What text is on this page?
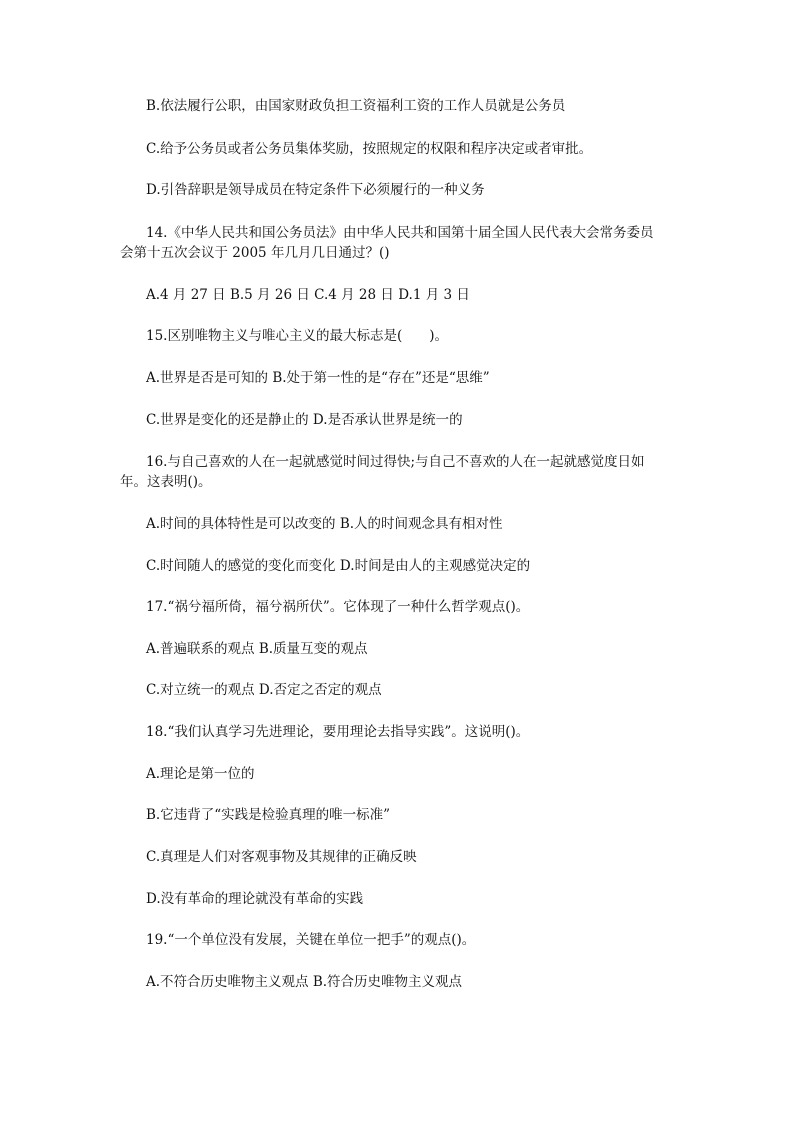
B.依法履行公职，由国家财政负担工资福利工资的工作人员就是公务员
C.给予公务员或者公务员集体奖励，按照规定的权限和程序决定或者审批。
D.引咎辞职是领导成员在特定条件下必须履行的一种义务
14.《中华人民共和国公务员法》由中华人民共和国第十届全国人民代表大会常务委员
会第十五次会议于 2005 年几月几日通过？()
A.4 月 27 日 B.5 月 26 日 C.4 月 28 日 D.1 月 3 日
15.区别唯物主义与唯心主义的最大标志是(　　)。
A.世界是否是可知的 B.处于第一性的是“存在”还是“思维”
C.世界是变化的还是静止的 D.是否承认世界是统一的
16.与自己喜欢的人在一起就感觉时间过得快;与自己不喜欢的人在一起就感觉度日如
年。这表明()。
A.时间的具体特性是可以改变的 B.人的时间观念具有相对性
C.时间随人的感觉的变化而变化 D.时间是由人的主观感觉决定的
17.“祸兮福所倚，福兮祸所伏”。它体现了一种什么哲学观点()。
A.普遍联系的观点 B.质量互变的观点
C.对立统一的观点 D.否定之否定的观点
18.“我们认真学习先进理论，要用理论去指导实践”。这说明()。
A.理论是第一位的
B.它违背了“实践是检验真理的唯一标准”
C.真理是人们对客观事物及其规律的正确反映
D.没有革命的理论就没有革命的实践
19.“一个单位没有发展，关键在单位一把手”的观点()。
A.不符合历史唯物主义观点 B.符合历史唯物主义观点
